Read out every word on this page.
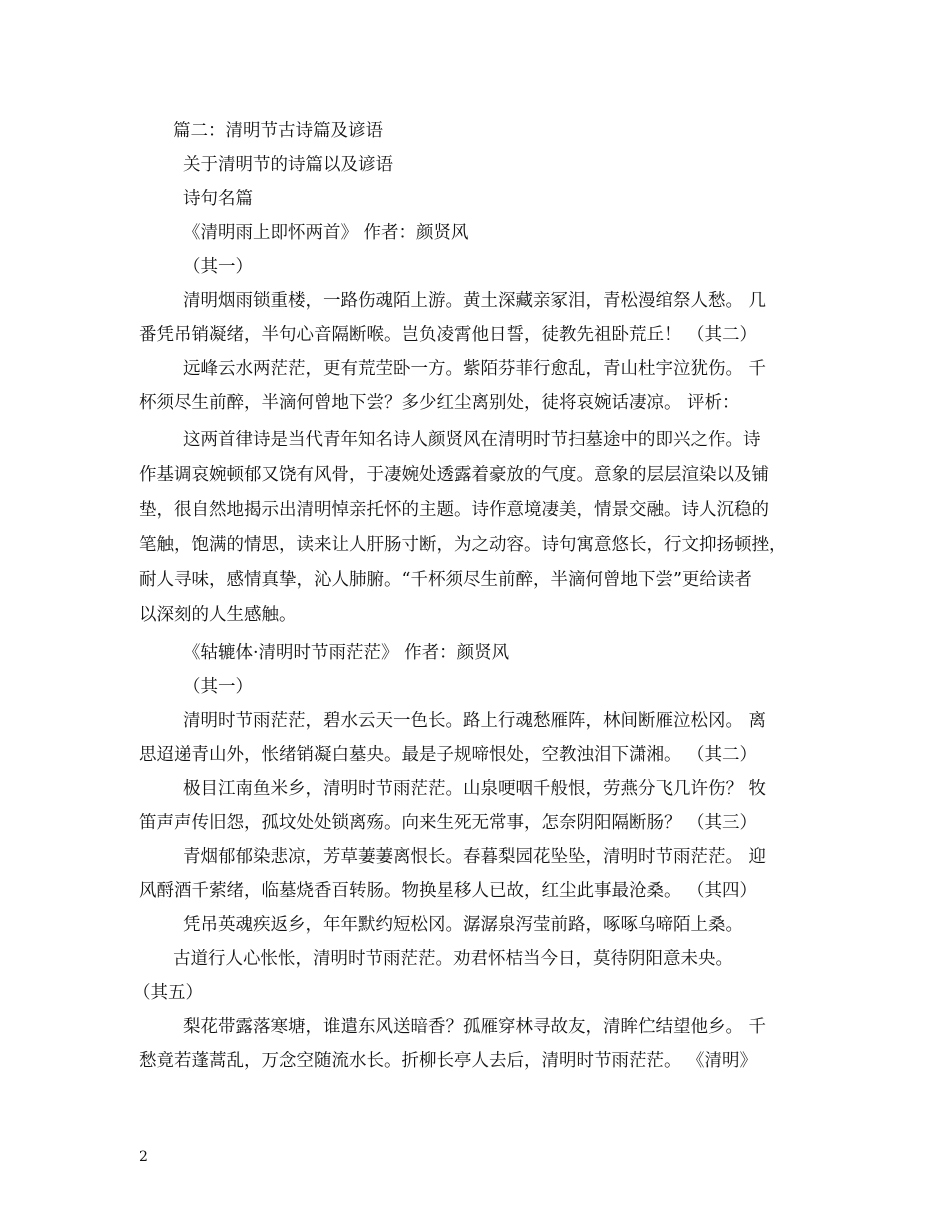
篇二：清明节古诗篇及谚语
关于清明节的诗篇以及谚语
诗句名篇
《清明雨上即怀两首》 作者：颜贤风
（其一）
清明烟雨锁重楼，一路伤魂陌上游。黄土深藏亲冢泪，青松漫绾祭人愁。 几
番凭吊销凝绪，半句心音隔断喉。岂负凌霄他日誓，徒教先祖卧荒丘！ （其二）
远峰云水两茫茫，更有荒茔卧一方。紫陌芬菲行愈乱，青山杜宇泣犹伤。 千
杯须尽生前醉，半滴何曾地下尝？多少红尘离别处，徒将哀婉话凄凉。 评析：
这两首律诗是当代青年知名诗人颜贤风在清明时节扫墓途中的即兴之作。诗
作基调哀婉顿郁又饶有风骨，于凄婉处透露着豪放的气度。意象的层层渲染以及铺
垫，很自然地揭示出清明悼亲托怀的主题。诗作意境凄美，情景交融。诗人沉稳的
笔触，饱满的情思，读来让人肝肠寸断，为之动容。诗句寓意悠长，行文抑扬顿挫，
耐人寻味，感情真挚，沁人肺腑。“千杯须尽生前醉，半滴何曾地下尝”更给读者
以深刻的人生感触。
《轱辘体·清明时节雨茫茫》 作者：颜贤风
（其一）
清明时节雨茫茫，碧水云天一色长。路上行魂愁雁阵，林间断雁泣松冈。 离
思迢递青山外，怅绪销凝白墓央。最是子规啼恨处，空教浊泪下潇湘。 （其二）
极目江南鱼米乡，清明时节雨茫茫。山泉哽咽千般恨，劳燕分飞几许伤？ 牧
笛声声传旧怨，孤坟处处锁离殇。向来生死无常事，怎奈阴阳隔断肠？ （其三）
青烟郁郁染悲凉，芳草萋萋离恨长。春暮梨园花坠坠，清明时节雨茫茫。 迎
风酹酒千萦绪，临墓烧香百转肠。物换星移人已故，红尘此事最沧桑。 （其四）
凭吊英魂疾返乡，年年默约短松冈。潺潺泉泻莹前路，啄啄乌啼陌上桑。
古道行人心怅怅，清明时节雨茫茫。劝君怀桔当今日，莫待阴阳意未央。
（其五）
梨花带露落寒塘，谁遣东风送暗香？孤雁穿林寻故友，清眸伫结望他乡。 千
愁竟若蓬蒿乱，万念空随流水长。折柳长亭人去后，清明时节雨茫茫。 《清明》
2
